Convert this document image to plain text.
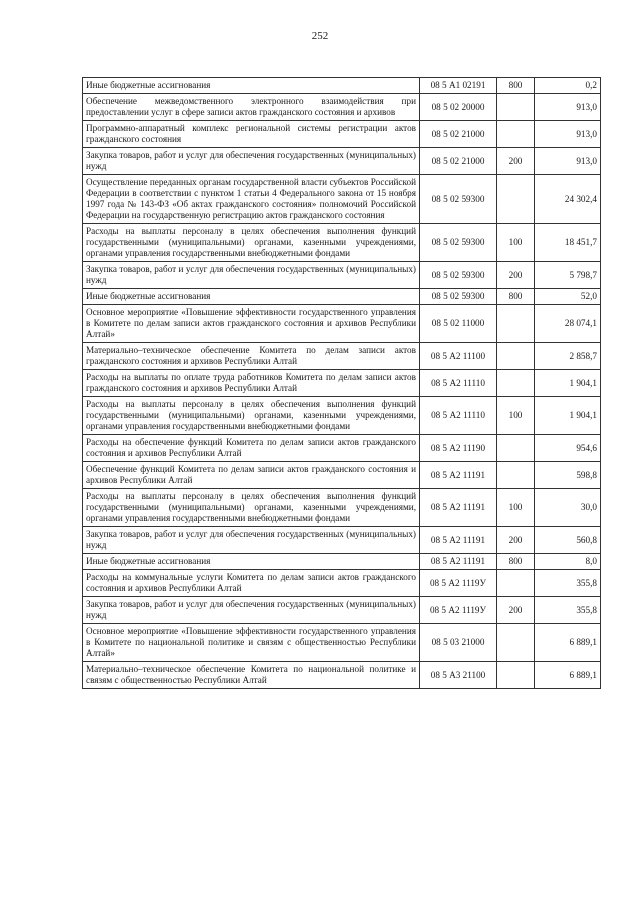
252
Иные бюджетные ассигнования	08 5 А1 02191	800	0,2
Обеспечение межведомственного электронного взаимодействия при предоставлении услуг в сфере записи актов гражданского состояния и архивов	08 5 02 20000		913,0
Программно-аппаратный комплекс региональной системы регистрации актов гражданского состояния	08 5 02 21000		913,0
Закупка товаров, работ и услуг для обеспечения государственных (муниципальных) нужд	08 5 02 21000	200	913,0
Осуществление переданных органам государственной власти субъектов Российской Федерации в соответствии с пунктом 1 статьи 4 Федерального закона от 15 ноября 1997 года № 143-ФЗ «Об актах гражданского состояния» полномочий Российской Федерации на государственную регистрацию актов гражданского состояния	08 5 02 59300		24 302,4
Расходы на выплаты персоналу в целях обеспечения выполнения функций государственными (муниципальными) органами, казенными учреждениями, органами управления государственными внебюджетными фондами	08 5 02 59300	100	18 451,7
Закупка товаров, работ и услуг для обеспечения государственных (муниципальных) нужд	08 5 02 59300	200	5 798,7
Иные бюджетные ассигнования	08 5 02 59300	800	52,0
Основное мероприятие «Повышение эффективности государственного управления в Комитете по делам записи актов гражданского состояния и архивов Республики Алтай»	08 5 02 11000		28 074,1
Материально–техническое обеспечение Комитета по делам записи актов гражданского состояния и архивов Республики Алтай	08 5 А2 11100		2 858,7
Расходы на выплаты по оплате труда работников Комитета по делам записи актов гражданского состояния и архивов Республики Алтай	08 5 А2 11110		1 904,1
Расходы на выплаты персоналу в целях обеспечения выполнения функций государственными (муниципальными) органами, казенными учреждениями, органами управления государственными внебюджетными фондами	08 5 А2 11110	100	1 904,1
Расходы на обеспечение функций Комитета по делам записи актов гражданского состояния и архивов Республики Алтай	08 5 А2 11190		954,6
Обеспечение функций Комитета по делам записи актов гражданского состояния и архивов Республики Алтай	08 5 А2 11191		598,8
Расходы на выплаты персоналу в целях обеспечения выполнения функций государственными (муниципальными) органами, казенными учреждениями, органами управления государственными внебюджетными фондами	08 5 А2 11191	100	30,0
Закупка товаров, работ и услуг для обеспечения государственных (муниципальных) нужд	08 5 А2 11191	200	560,8
Иные бюджетные ассигнования	08 5 А2 11191	800	8,0
Расходы на коммунальные услуги Комитета по делам записи актов гражданского состояния и архивов Республики Алтай	08 5 А2 1119У		355,8
Закупка товаров, работ и услуг для обеспечения государственных (муниципальных) нужд	08 5 А2 1119У	200	355,8
Основное мероприятие «Повышение эффективности государственного управления в Комитете по национальной политике и связям с общественностью Республики Алтай»	08 5 03 21000		6 889,1
Материально–техническое обеспечение Комитета по национальной политике и связям с общественностью Республики Алтай	08 5 А3 21100		6 889,1
